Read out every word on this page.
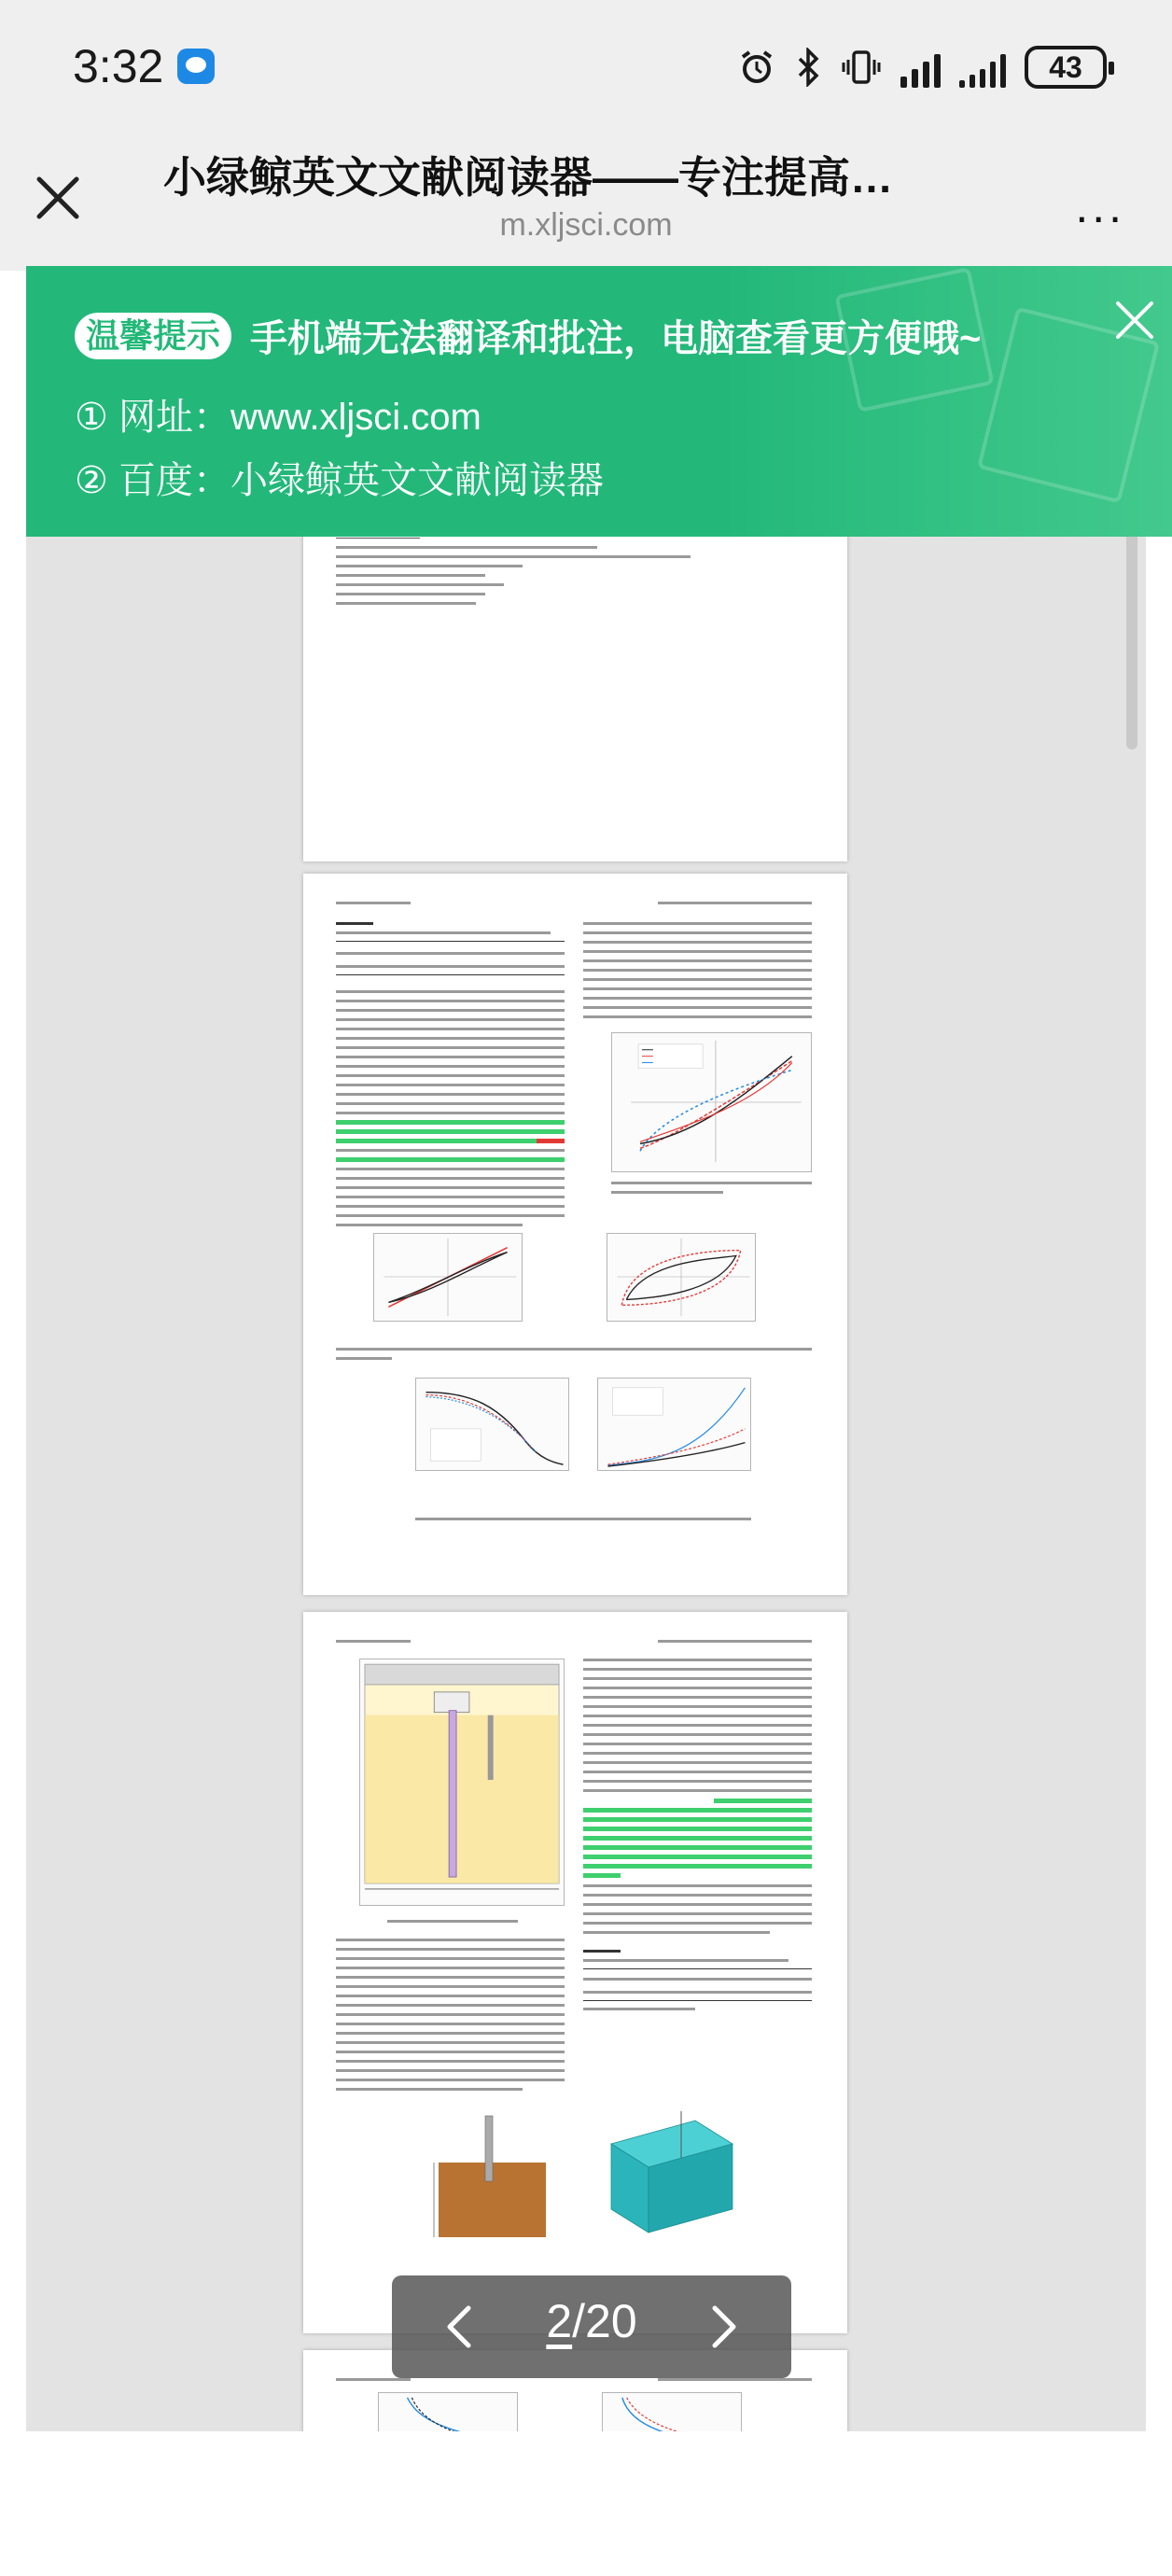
3:32	43
小绿鲸英文文献阅读器——专注提高…
m.xljsci.com	...
温馨提示 手机端无法翻译和批注，电脑查看更方便哦~
① 网址：www.xljsci.com
② 百度：小绿鲸英文文献阅读器
2/20
